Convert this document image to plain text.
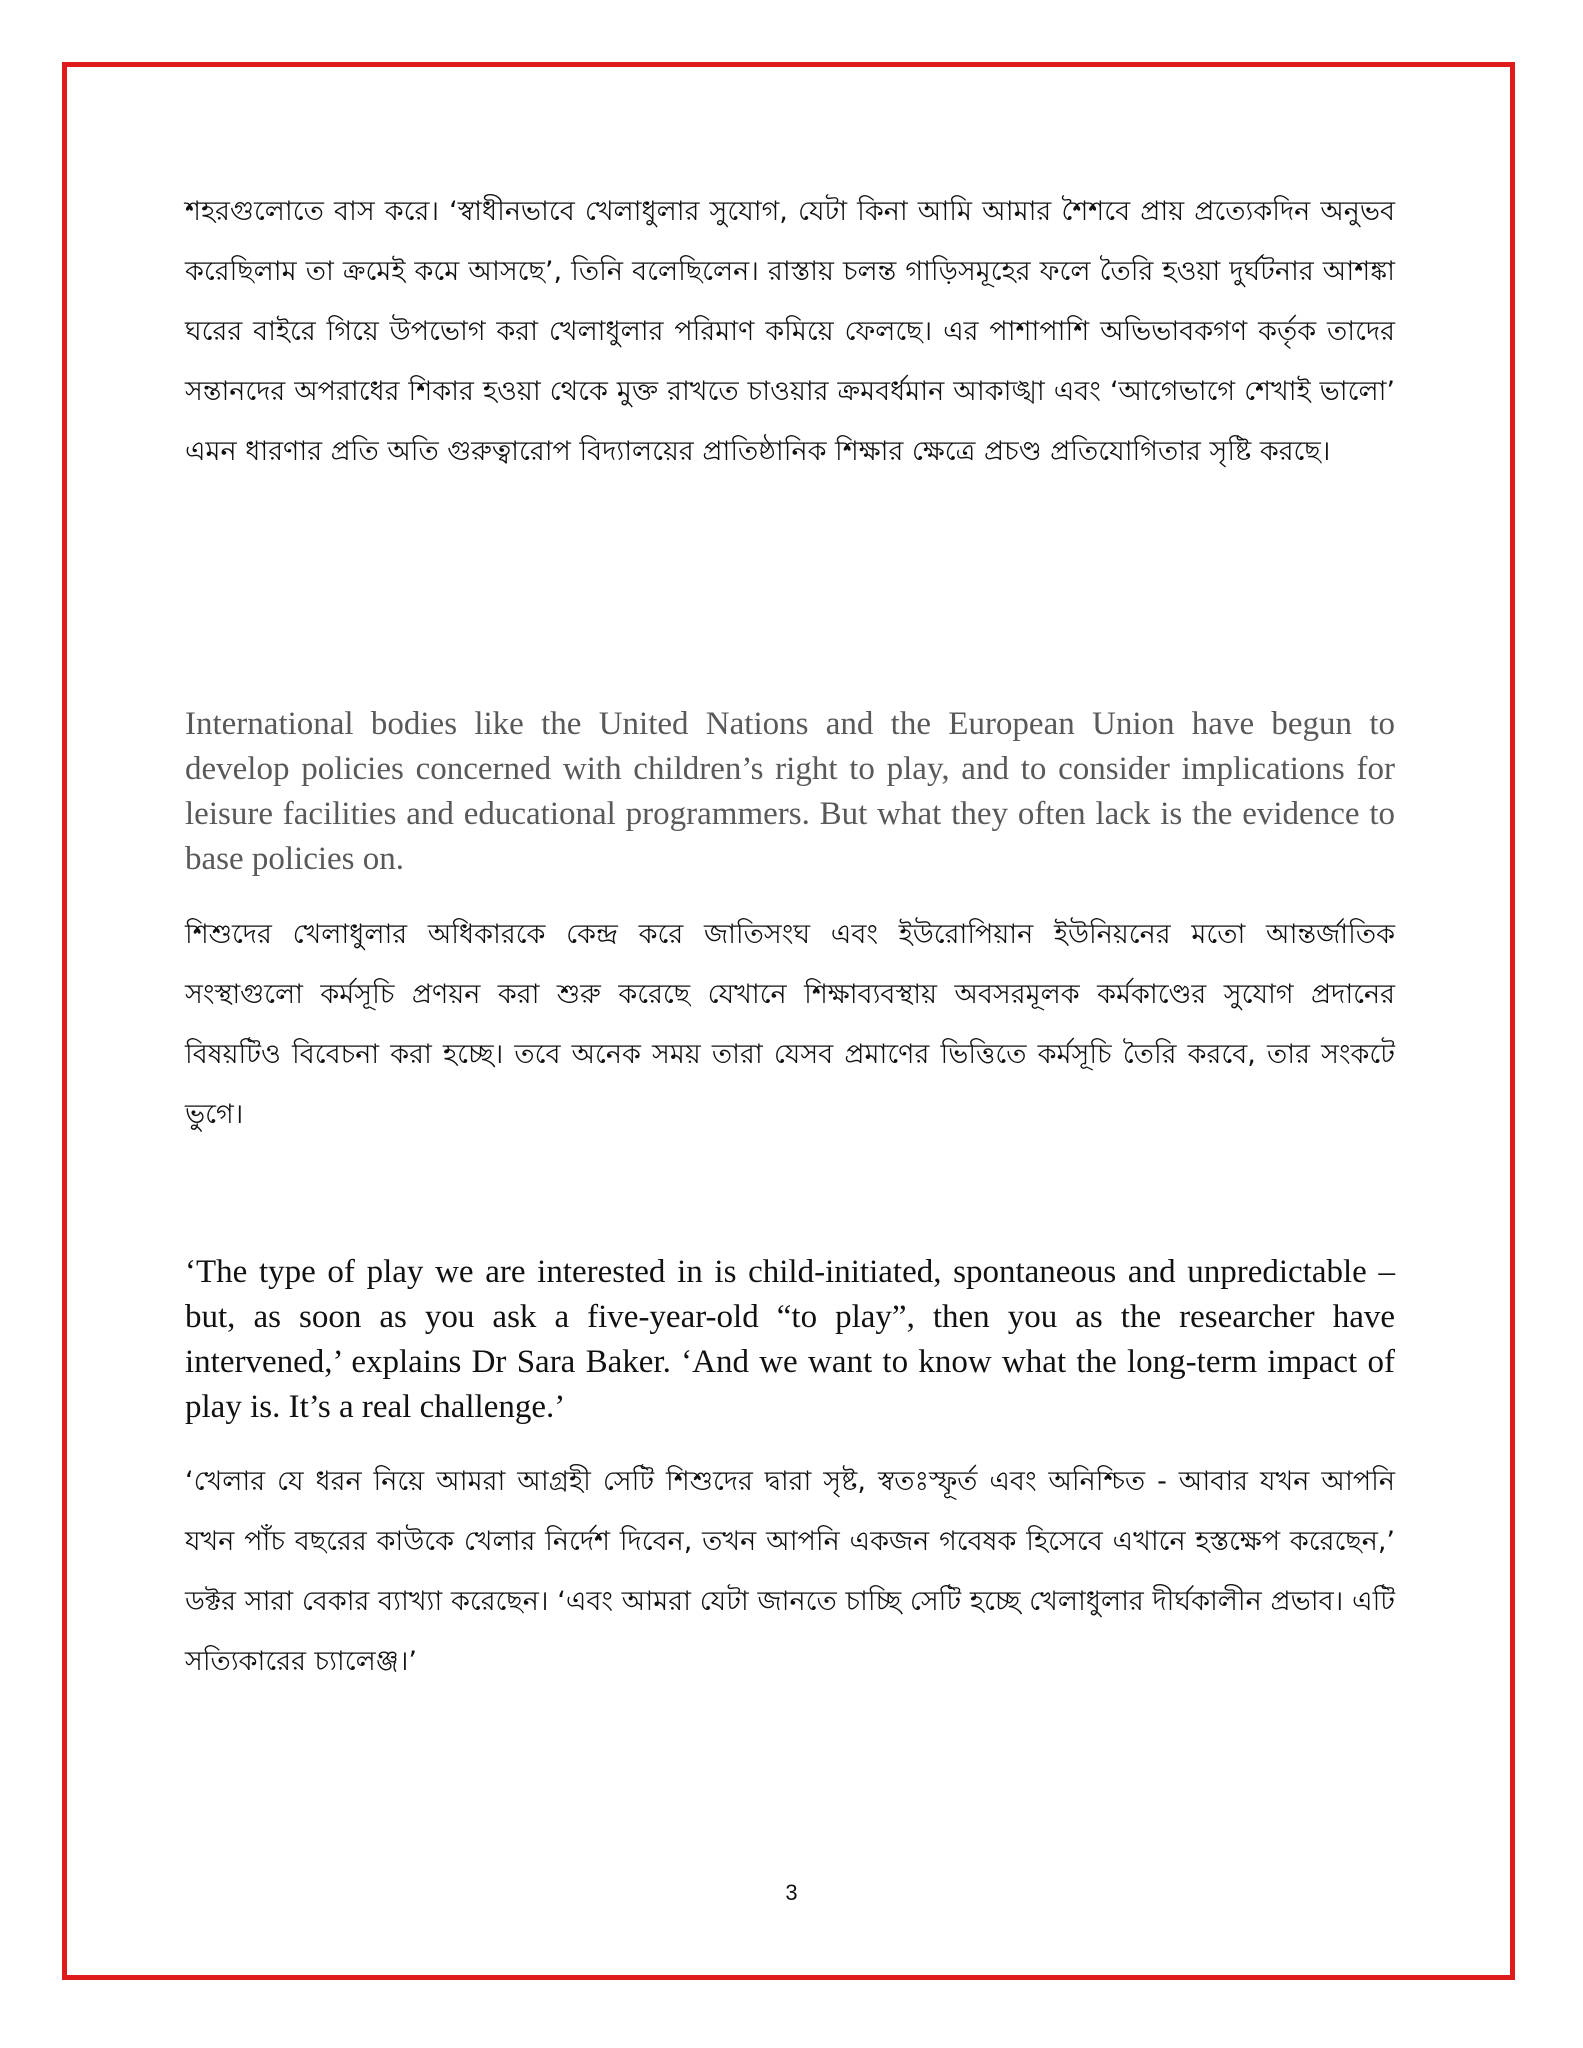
শহরগুলোতে বাস করে। ‘স্বাধীনভাবে খেলাধুলার সুযোগ, যেটা কিনা আমি আমার শৈশবে প্রায় প্রত্যেকদিন অনুভব করেছিলাম তা ক্রমেই কমে আসছে’, তিনি বলেছিলেন। রাস্তায় চলন্ত গাড়িসমূহের ফলে তৈরি হওয়া দুর্ঘটনার আশঙ্কা ঘরের বাইরে গিয়ে উপভোগ করা খেলাধুলার পরিমাণ কমিয়ে ফেলছে। এর পাশাপাশি অভিভাবকগণ কর্তৃক তাদের সন্তানদের অপরাধের শিকার হওয়া থেকে মুক্ত রাখতে চাওয়ার ক্রমবর্ধমান আকাঙ্খা এবং ‘আগেভাগে শেখাই ভালো’ এমন ধারণার প্রতি অতি গুরুত্বারোপ বিদ্যালয়ের প্রাতিষ্ঠানিক শিক্ষার ক্ষেত্রে প্রচণ্ড প্রতিযোগিতার সৃষ্টি করছে।

International bodies like the United Nations and the European Union have begun to develop policies concerned with children’s right to play, and to consider implications for leisure facilities and educational programmers. But what they often lack is the evidence to base policies on.

শিশুদের খেলাধুলার অধিকারকে কেন্দ্র করে জাতিসংঘ এবং ইউরোপিয়ান ইউনিয়নের মতো আন্তর্জাতিক সংস্থাগুলো কর্মসূচি প্রণয়ন করা শুরু করেছে যেখানে শিক্ষাব্যবস্থায় অবসরমূলক কর্মকাণ্ডের সুযোগ প্রদানের বিষয়টিও বিবেচনা করা হচ্ছে। তবে অনেক সময় তারা যেসব প্রমাণের ভিত্তিতে কর্মসূচি তৈরি করবে, তার সংকটে ভুগে।

‘The type of play we are interested in is child-initiated, spontaneous and unpredictable – but, as soon as you ask a five-year-old “to play”, then you as the researcher have intervened,’ explains Dr Sara Baker. ‘And we want to know what the long-term impact of play is. It’s a real challenge.’

‘খেলার যে ধরন নিয়ে আমরা আগ্রহী সেটি শিশুদের দ্বারা সৃষ্ট, স্বতঃস্ফূর্ত এবং অনিশ্চিত - আবার যখন আপনি যখন পাঁচ বছরের কাউকে খেলার নির্দেশ দিবেন, তখন আপনি একজন গবেষক হিসেবে এখানে হস্তক্ষেপ করেছেন,’ ডক্টর সারা বেকার ব্যাখ্যা করেছেন। ‘এবং আমরা যেটা জানতে চাচ্ছি সেটি হচ্ছে খেলাধুলার দীর্ঘকালীন প্রভাব। এটি সত্যিকারের চ্যালেঞ্জ।’

3
